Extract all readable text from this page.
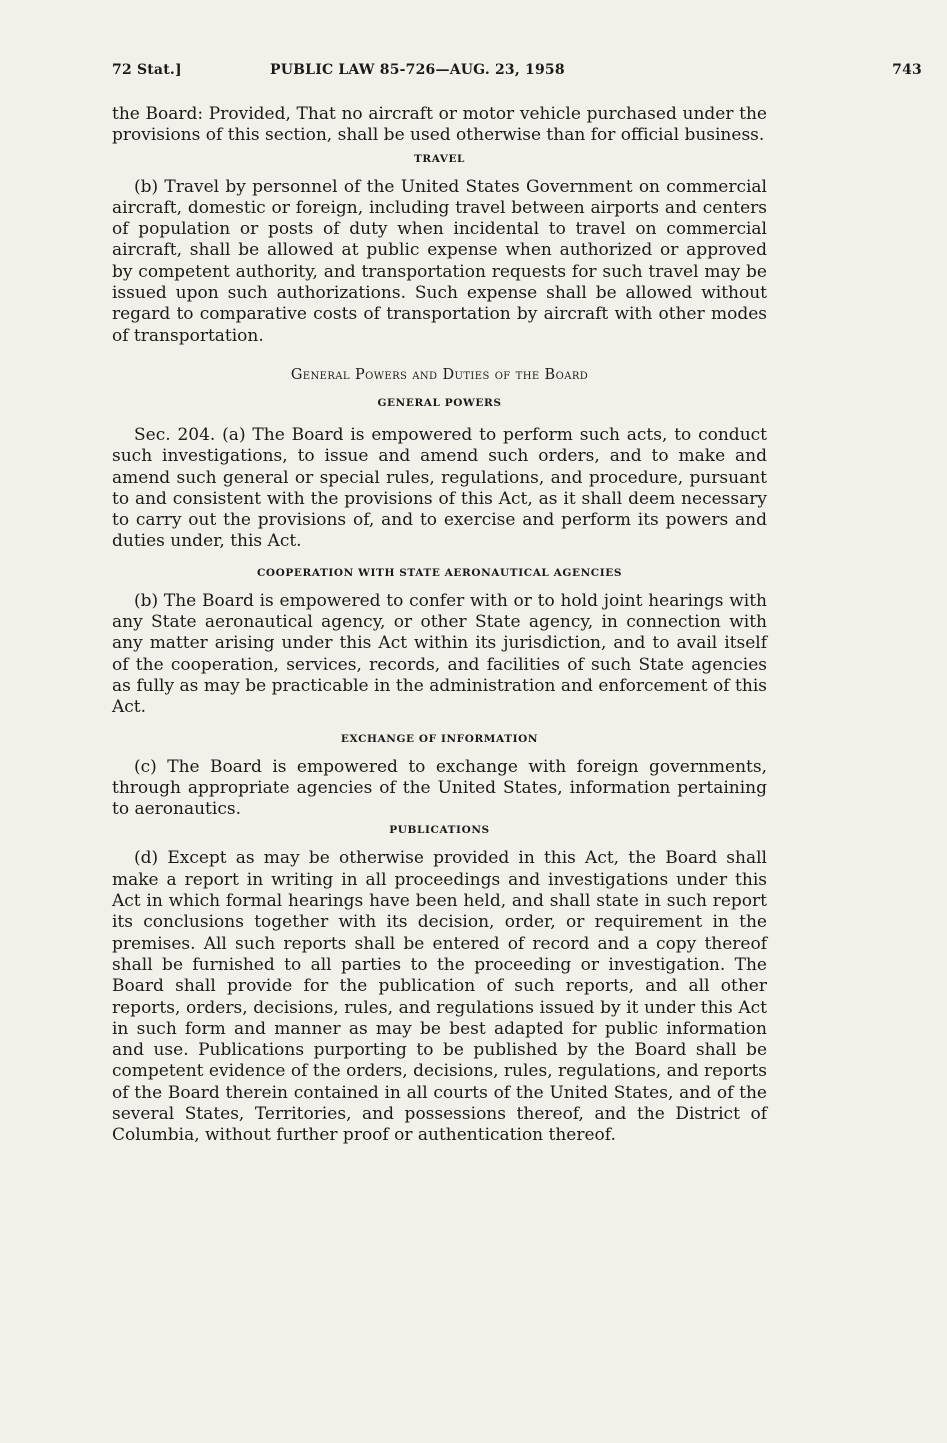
72 Stat.]	PUBLIC LAW 85-726—AUG. 23, 1958	743

the Board: Provided, That no aircraft or motor vehicle purchased under the provisions of this section, shall be used otherwise than for official business.

TRAVEL

(b) Travel by personnel of the United States Government on commercial aircraft, domestic or foreign, including travel between airports and centers of population or posts of duty when incidental to travel on commercial aircraft, shall be allowed at public expense when authorized or approved by competent authority, and transportation requests for such travel may be issued upon such authorizations. Such expense shall be allowed without regard to comparative costs of transportation by aircraft with other modes of transportation.

General Powers and Duties of the Board

GENERAL POWERS

Sec. 204. (a) The Board is empowered to perform such acts, to conduct such investigations, to issue and amend such orders, and to make and amend such general or special rules, regulations, and procedure, pursuant to and consistent with the provisions of this Act, as it shall deem necessary to carry out the provisions of, and to exercise and perform its powers and duties under, this Act.

COOPERATION WITH STATE AERONAUTICAL AGENCIES

(b) The Board is empowered to confer with or to hold joint hearings with any State aeronautical agency, or other State agency, in connection with any matter arising under this Act within its jurisdiction, and to avail itself of the cooperation, services, records, and facilities of such State agencies as fully as may be practicable in the administration and enforcement of this Act.

EXCHANGE OF INFORMATION

(c) The Board is empowered to exchange with foreign governments, through appropriate agencies of the United States, information pertaining to aeronautics.

PUBLICATIONS

(d) Except as may be otherwise provided in this Act, the Board shall make a report in writing in all proceedings and investigations under this Act in which formal hearings have been held, and shall state in such report its conclusions together with its decision, order, or requirement in the premises. All such reports shall be entered of record and a copy thereof shall be furnished to all parties to the proceeding or investigation. The Board shall provide for the publication of such reports, and all other reports, orders, decisions, rules, and regulations issued by it under this Act in such form and manner as may be best adapted for public information and use. Publications purporting to be published by the Board shall be competent evidence of the orders, decisions, rules, regulations, and reports of the Board therein contained in all courts of the United States, and of the several States, Territories, and possessions thereof, and the District of Columbia, without further proof or authentication thereof.
